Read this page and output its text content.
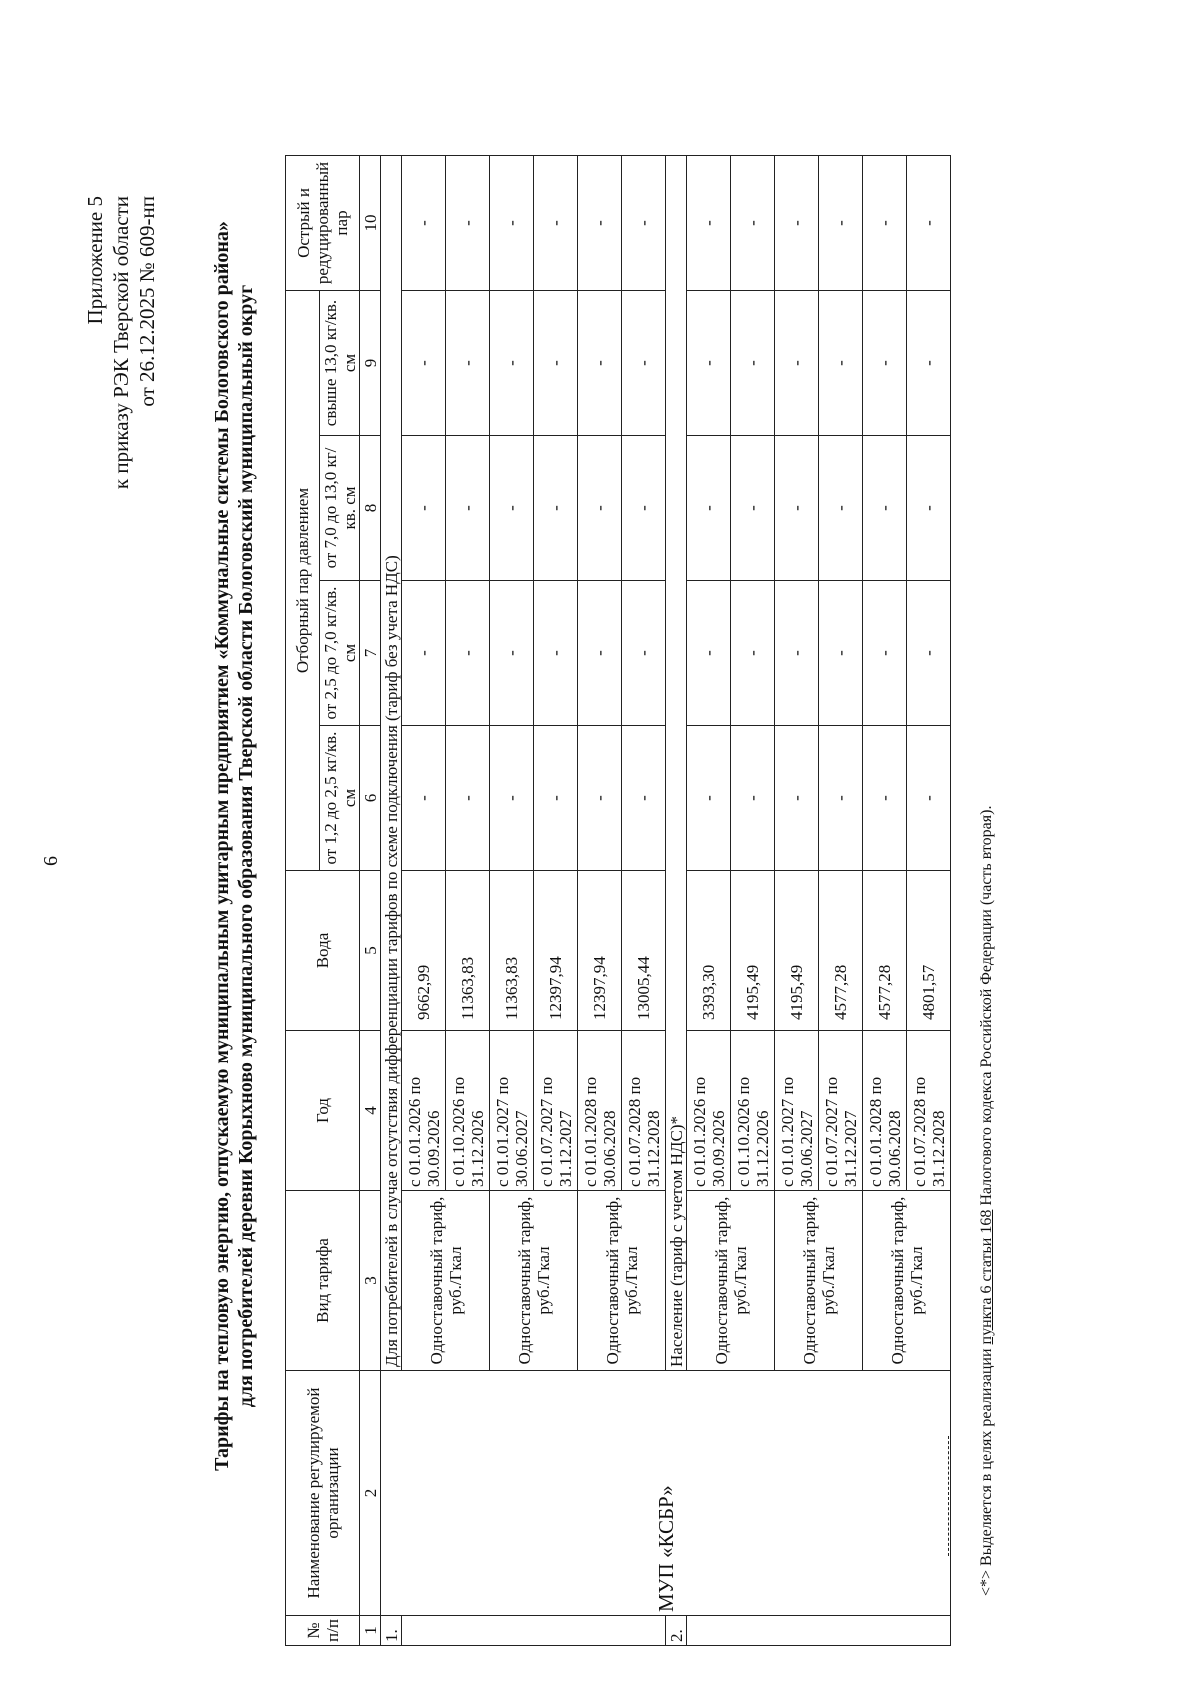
6
Приложение 5 к приказу РЭК Тверской области от 26.12.2025 № 609-нп	Тарифы на тепловую энергию, отпускаемую муниципальным унитарным предприятием «Коммунальные системы Бологовского района» для потребителей деревни Корыхново муниципального образования Тверской области Бологовский муниципальный округ
№ п/п	Наименование регулируемой организации	Вид тарифа	Год	Вода	Отборный пар давлением				Острый и редуцированный пар
					от 1,2 до 2,5 кг/кв. см	от 2,5 до 7,0 кг/кв. см	от 7,0 до 13,0 кг/кв. см	свыше 13,0 кг/кв. см	
1	2	3	4	5	6	7	8	9	10
1.	МУП «КСБР»	Для потребителей в случае отсутствия дифференциации тарифов по схеме подключения (тариф без учета НДС)							
		Одноставочный тариф, руб./Гкал	с 01.01.2026 по 30.09.2026	9662,99	-	-	-	-	-
			с 01.10.2026 по 31.12.2026	11363,83	-	-	-	-	-
		Одноставочный тариф, руб./Гкал	с 01.01.2027 по 30.06.2027	11363,83	-	-	-	-	-
			с 01.07.2027 по 31.12.2027	12397,94	-	-	-	-	-
		Одноставочный тариф, руб./Гкал	с 01.01.2028 по 30.06.2028	12397,94	-	-	-	-	-
			с 01.07.2028 по 31.12.2028	13005,44	-	-	-	-	-
2.		Население (тариф с учетом НДС)*							
		Одноставочный тариф, руб./Гкал	с 01.01.2026 по 30.09.2026	3393,30	-	-	-	-	-
			с 01.10.2026 по 31.12.2026	4195,49	-	-	-	-	-
		Одноставочный тариф, руб./Гкал	с 01.01.2027 по 30.06.2027	4195,49	-	-	-	-	-
			с 01.07.2027 по 31.12.2027	4577,28	-	-	-	-	-
		Одноставочный тариф, руб./Гкал	с 01.01.2028 по 30.06.2028	4577,28	-	-	-	-	-
			с 01.07.2028 по 31.12.2028	4801,57	-	-	-	-	-
<*> Выделяется в целях реализации пункта 6 статьи 168 Налогового кодекса Российской Федерации (часть вторая).
